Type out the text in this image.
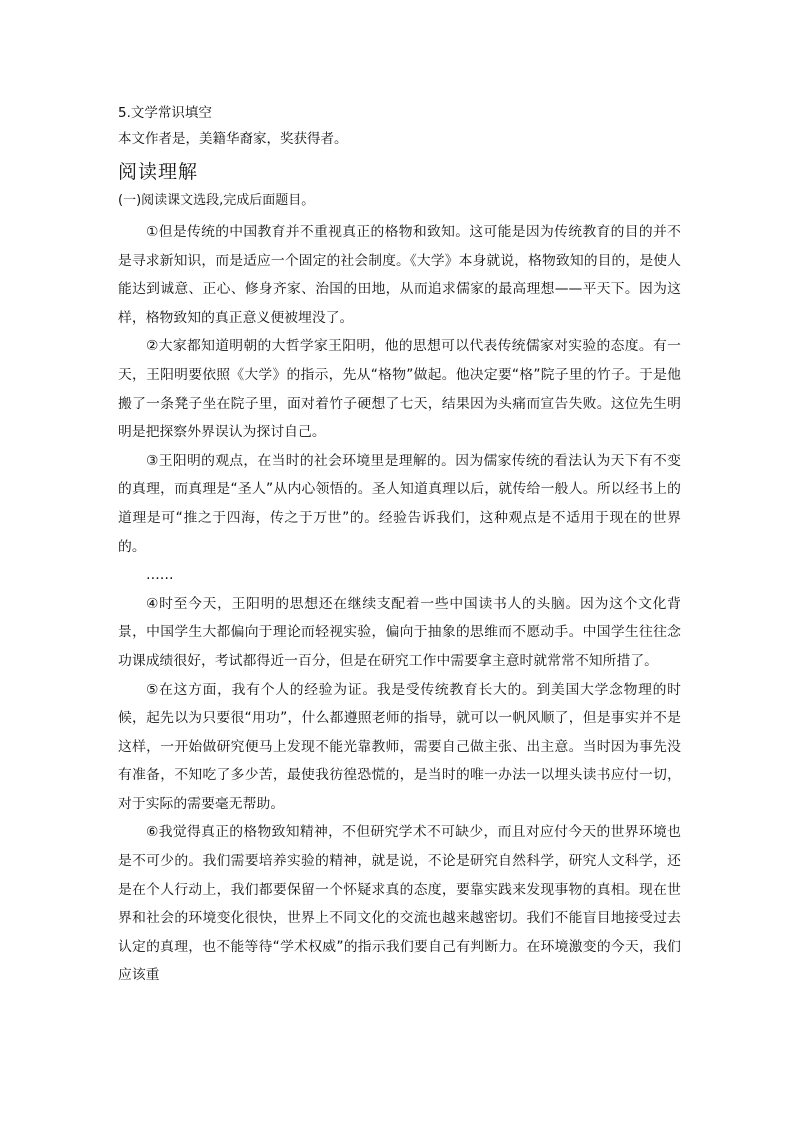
5.文学常识填空

本文作者是，美籍华裔家，奖获得者。

阅读理解

(一)阅读课文选段,完成后面题目。

①但是传统的中国教育并不重视真正的格物和致知。这可能是因为传统教育的目的并不是寻求新知识，而是适应一个固定的社会制度。《大学》本身就说，格物致知的目的，是使人能达到诚意、正心、修身齐家、治国的田地，从而追求儒家的最高理想——平天下。因为这样，格物致知的真正意义便被埋没了。

②大家都知道明朝的大哲学家王阳明，他的思想可以代表传统儒家对实验的态度。有一天，王阳明要依照《大学》的指示，先从“格物”做起。他决定要“格”院子里的竹子。于是他搬了一条凳子坐在院子里，面对着竹子硬想了七天，结果因为头痛而宣告失败。这位先生明明是把探察外界误认为探讨自己。

③王阳明的观点，在当时的社会环境里是理解的。因为儒家传统的看法认为天下有不变的真理，而真理是“圣人”从内心领悟的。圣人知道真理以后，就传给一般人。所以经书上的道理是可“推之于四海，传之于万世”的。经验告诉我们，这种观点是不适用于现在的世界的。

……

④时至今天，王阳明的思想还在继续支配着一些中国读书人的头脑。因为这个文化背景，中国学生大都偏向于理论而轻视实验，偏向于抽象的思维而不愿动手。中国学生往往念功课成绩很好，考试都得近一百分，但是在研究工作中需要拿主意时就常常不知所措了。

⑤在这方面，我有个人的经验为证。我是受传统教育长大的。到美国大学念物理的时候，起先以为只要很“用功”，什么都遵照老师的指导，就可以一帆风顺了，但是事实并不是这样，一开始做研究便马上发现不能光靠教师，需要自己做主张、出主意。当时因为事先没有准备，不知吃了多少苦，最使我彷徨恐慌的，是当时的唯一办法一以埋头读书应付一切，对于实际的需要毫无帮助。

⑥我觉得真正的格物致知精神，不但研究学术不可缺少，而且对应付今天的世界环境也是不可少的。我们需要培养实验的精神，就是说，不论是研究自然科学，研究人文科学，还是在个人行动上，我们都要保留一个怀疑求真的态度，要靠实践来发现事物的真相。现在世界和社会的环境变化很快，世界上不同文化的交流也越来越密切。我们不能盲目地接受过去认定的真理，也不能等待“学术权威”的指示我们要自己有判断力。在环境激变的今天，我们应该重
